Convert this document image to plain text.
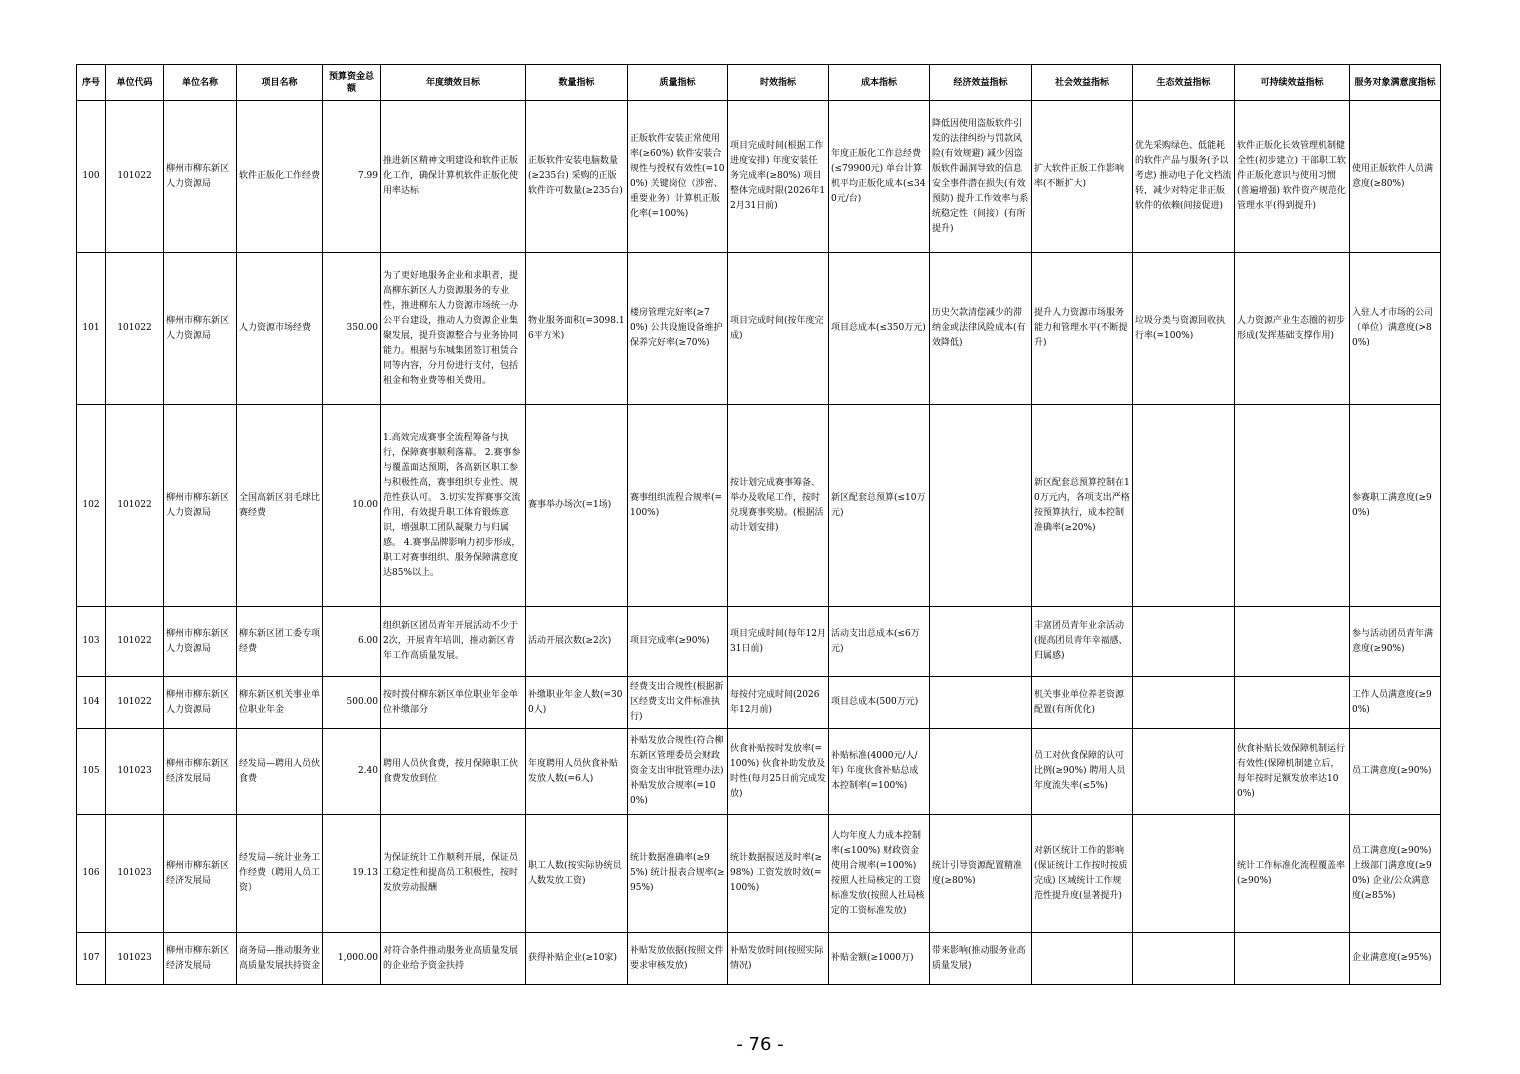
序号	单位代码	单位名称	项目名称	预算资金总额	年度绩效目标	数量指标	质量指标	时效指标	成本指标	经济效益指标	社会效益指标	生态效益指标	可持续效益指标	服务对象满意度指标
100	101022	柳州市柳东新区人力资源局	软件正版化工作经费	7.99	推进新区精神文明建设和软件正版化工作，确保计算机软件正版化使用率达标	正版软件安装电脑数量(≥235台) 采购的正版软件许可数量(≥235台)	正版软件安装正常使用率(≥60%) 软件安装合规性与授权有效性(=100%) 关键岗位（涉密、重要业务）计算机正版化率(=100%)	项目完成时间(根据工作进度安排) 年度安装任务完成率(≥80%) 项目整体完成时限(2026年12月31日前)	年度正版化工作总经费(≤79900元) 单台计算机平均正版化成本(≤340元/台)	降低因使用盗版软件引发的法律纠纷与罚款风险(有效规避) 减少因盗版软件漏洞导致的信息安全事件潜在损失(有效预防) 提升工作效率与系统稳定性（间接）(有所提升)	扩大软件正版工作影响率(不断扩大)	优先采购绿色、低能耗的软件产品与服务(予以考虑) 推动电子化文档流转，减少对特定非正版软件的依赖(间接促进)	软件正版化长效管理机制健全性(初步建立) 干部职工软件正版化意识与使用习惯(普遍增强) 软件资产规范化管理水平(得到提升)	使用正版软件人员满意度(≥80%)
101	101022	柳州市柳东新区人力资源局	人力资源市场经费	350.00	为了更好地服务企业和求职者，提高柳东新区人力资源服务的专业性，推进柳东人力资源市场统一办公平台建设，推动人力资源企业集聚发展，提升资源整合与业务协同能力。根据与东城集团签订租赁合同等内容，分月份进行支付，包括租金和物业费等相关费用。	物业服务面积(=3098.16平方米)	楼房管理完好率(≥70%) 公共设施设备维护保养完好率(≥70%)	项目完成时间(按年度完成)	项目总成本(≤350万元)	历史欠款清偿减少的滞纳金或法律风险成本(有效降低)	提升人力资源市场服务能力和管理水平(不断提升)	垃圾分类与资源回收执行率(=100%)	人力资源产业生态圈的初步形成(发挥基础支撑作用)	入驻人才市场的公司（单位）满意度(>80%)
102	101022	柳州市柳东新区人力资源局	全国高新区羽毛球比赛经费	10.00	1.高效完成赛事全流程筹备与执行，保障赛事顺利落幕。 2.赛事参与覆盖面达预期，各高新区职工参与积极性高，赛事组织专业性、规范性获认可。 3.切实发挥赛事交流作用，有效提升职工体育锻炼意识，增强职工团队凝聚力与归属感。 4.赛事品牌影响力初步形成，职工对赛事组织、服务保障满意度达85%以上。	赛事举办场次(=1场)	赛事组织流程合规率(=100%)	按计划完成赛事筹备、举办及收尾工作，按时兑现赛事奖励。(根据活动计划安排)	新区配套总预算(≤10万元)		新区配套总预算控制在10万元内，各项支出严格按预算执行，成本控制准确率(≥20%)			参赛职工满意度(≥90%)
103	101022	柳州市柳东新区人力资源局	柳东新区团工委专项经费	6.00	组织新区团员青年开展活动不少于2次，开展青年培训，推动新区青年工作高质量发展。	活动开展次数(≥2次)	项目完成率(≥90%)	项目完成时间(每年12月31日前)	活动支出总成本(≤6万元)		丰富团员青年业余活动(提高团员青年幸福感、归属感)			参与活动团员青年满意度(≥90%)
104	101022	柳州市柳东新区人力资源局	柳东新区机关事业单位职业年金	500.00	按时拨付柳东新区单位职业年金单位补缴部分	补缴职业年金人数(=300人)	经费支出合规性(根据新区经费支出文件标准执行)	每按付完成时间(2026年12月前)	项目总成本(500万元)		机关事业单位养老资源配置(有所优化)			工作人员满意度(≥90%)
105	101023	柳州市柳东新区经济发展局	经发局—聘用人员伙食费	2.40	聘用人员伙食费，按月保障职工伙食费发放到位	年度聘用人员伙食补贴发放人数(=6人)	补贴发放合规性(符合柳东新区管理委员会财政资金支出审批管理办法) 补贴发放合规率(=100%)	伙食补贴按时发放率(=100%) 伙食补助发放及时性(每月25日前完成发放)	补贴标准(4000元/人/年) 年度伙食补贴总成本控制率(=100%)		员工对伙食保障的认可比例(≥90%) 聘用人员年度流失率(≤5%)		伙食补贴长效保障机制运行有效性(保障机制建立后，每年按时足额发放率达100%)	员工满意度(≥90%)
106	101023	柳州市柳东新区经济发展局	经发局—统计业务工作经费（聘用人员工资）	19.13	为保证统计工作顺利开展，保证员工稳定性和提高员工积极性，按时发放劳动报酬	职工人数(按实际协统员人数发放工资)	统计数据准确率(≥95%) 统计报表合规率(≥95%)	统计数据报送及时率(≥98%) 工资发放时效(=100%)	人均年度人力成本控制率(≤100%) 财政资金使用合规率(=100%) 按照人社局核定的工资标准发放(按照人社局核定的工资标准发放)	统计引导资源配置精准度(≥80%)	对新区统计工作的影响(保证统计工作按时按质完成) 区域统计工作规范性提升度(显著提升)		统计工作标准化流程覆盖率(≥90%)	员工满意度(≥90%) 上级部门满意度(≥90%) 企业/公众满意度(≥85%)
107	101023	柳州市柳东新区经济发展局	商务局—推动服务业高质量发展扶持资金	1,000.00	对符合条件推动服务业高质量发展的企业给予资金扶持	获得补贴企业(≥10家)	补贴发放依据(按照文件要求审核发放)	补贴发放时间(按照实际情况)	补贴金额(≥1000万)	带来影响(推动服务业高质量发展)				企业满意度(≥95%)
- 76 -
